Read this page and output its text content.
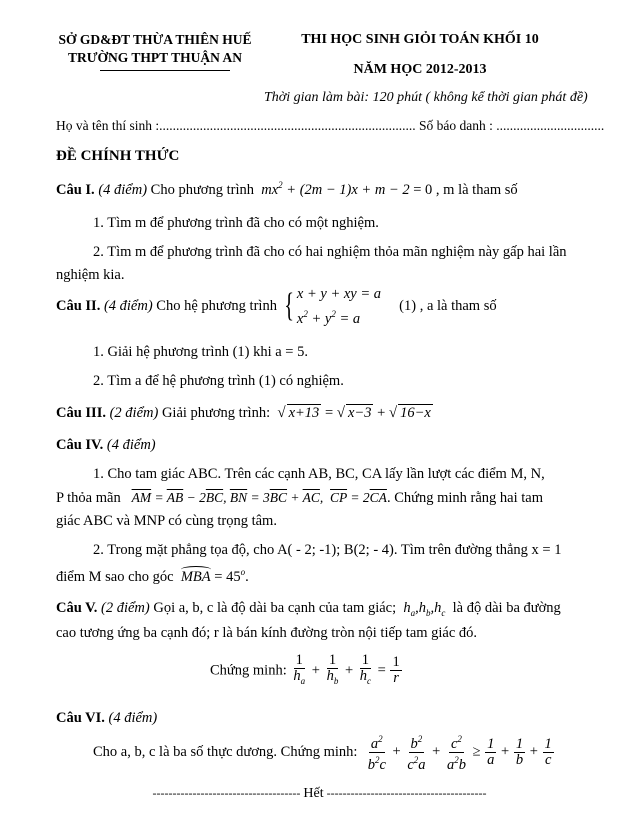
SỞ GD&ĐT THỪA THIÊN HUẾ
TRƯỜNG THPT THUẬN AN
THI HỌC SINH GIỎI TOÁN KHỐI 10
NĂM HỌC 2012-2013
Thời gian làm bài: 120 phút ( không kể thời gian phát đề)
Họ và tên thí sinh :............................................................................ Số báo danh : ................................
ĐỀ CHÍNH THỨC
Câu I. (4 điểm) Cho phương trình $mx^2 + (2m - 1)x + m - 2 = 0$ , m là tham số
1. Tìm m để phương trình đã cho có một nghiệm.
2. Tìm m để phương trình đã cho có hai nghiệm thỏa mãn nghiệm này gấp hai lần
nghiệm kia.
Câu II. (4 điểm) Cho hệ phương trình { x + y + xy = a
$x^2 + y^2 = a$     (1) , a là tham số
1. Giải hệ phương trình (1) khi a = 5.
2. Tìm a để hệ phương trình (1) có nghiệm.
Câu III. (2 điểm) Giải phương trình: √ x+13 = √ x−3 + √ 16−x
Câu IV. (4 điểm)
1. Cho tam giác ABC. Trên các cạnh AB, BC, CA lấy lần lượt các điểm M, N,
P thỏa mãn $\overline{AM} = \overline{AB} - 2\overline{BC}$, $\overline{BN} = 3\overline{BC} + \overline{AC}$,  $\overline{CP} = 2\overline{CA}$. Chứng minh rằng hai tam
giác ABC và MNP có cùng trọng tâm.
2. Trong mặt phẳng tọa độ, cho A( - 2; -1); B(2; - 4). Tìm trên đường thẳng x = 1
điểm M sao cho góc MBA = $45^o$.
Câu V. (2 điểm) Gọi a, b, c là độ dài ba cạnh của tam giác; $h_a,h_b,h_c$ là độ dài ba đường
cao tương ứng ba cạnh đó; r là bán kính đường tròn nội tiếp tam giác đó.
Chứng minh: $\frac{1}{h_a} + \frac{1}{h_b} + \frac{1}{h_c} = \frac{1}{r}$
Câu VI. (4 điểm)
Cho a, b, c là ba số thực dương. Chứng minh: $\frac{a^2}{b^2c} + \frac{b^2}{c^2a} + \frac{c^2}{a^2b} \ge \frac{1}{a} + \frac{1}{b} + \frac{1}{c}$
------------------------------------- Hết ----------------------------------------
